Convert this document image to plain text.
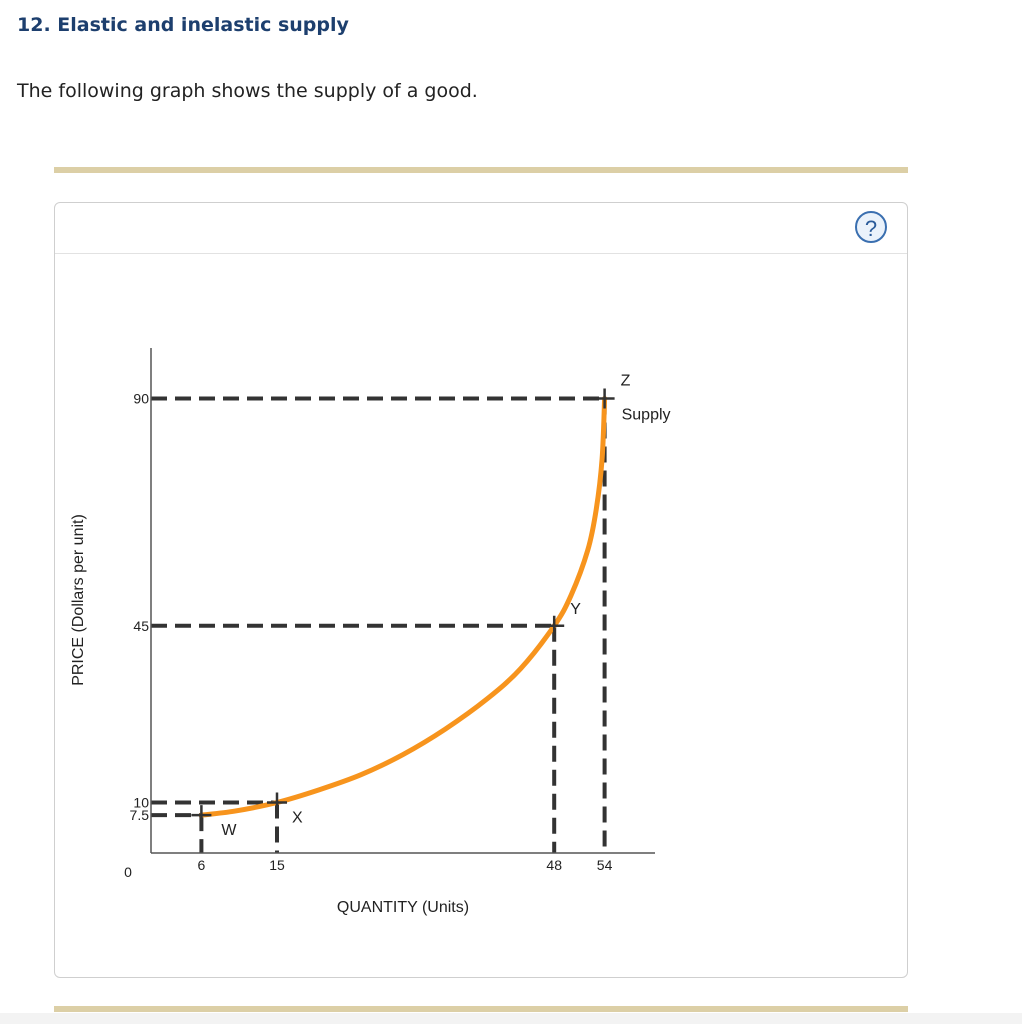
12. Elastic and inelastic supply
The following graph shows the supply of a good.
?
W
X
Y
Z
6	15	48 54
7.5
10
45
90
PRICE (Dollars per unit)
QUANTITY (Units)
0
Supply
